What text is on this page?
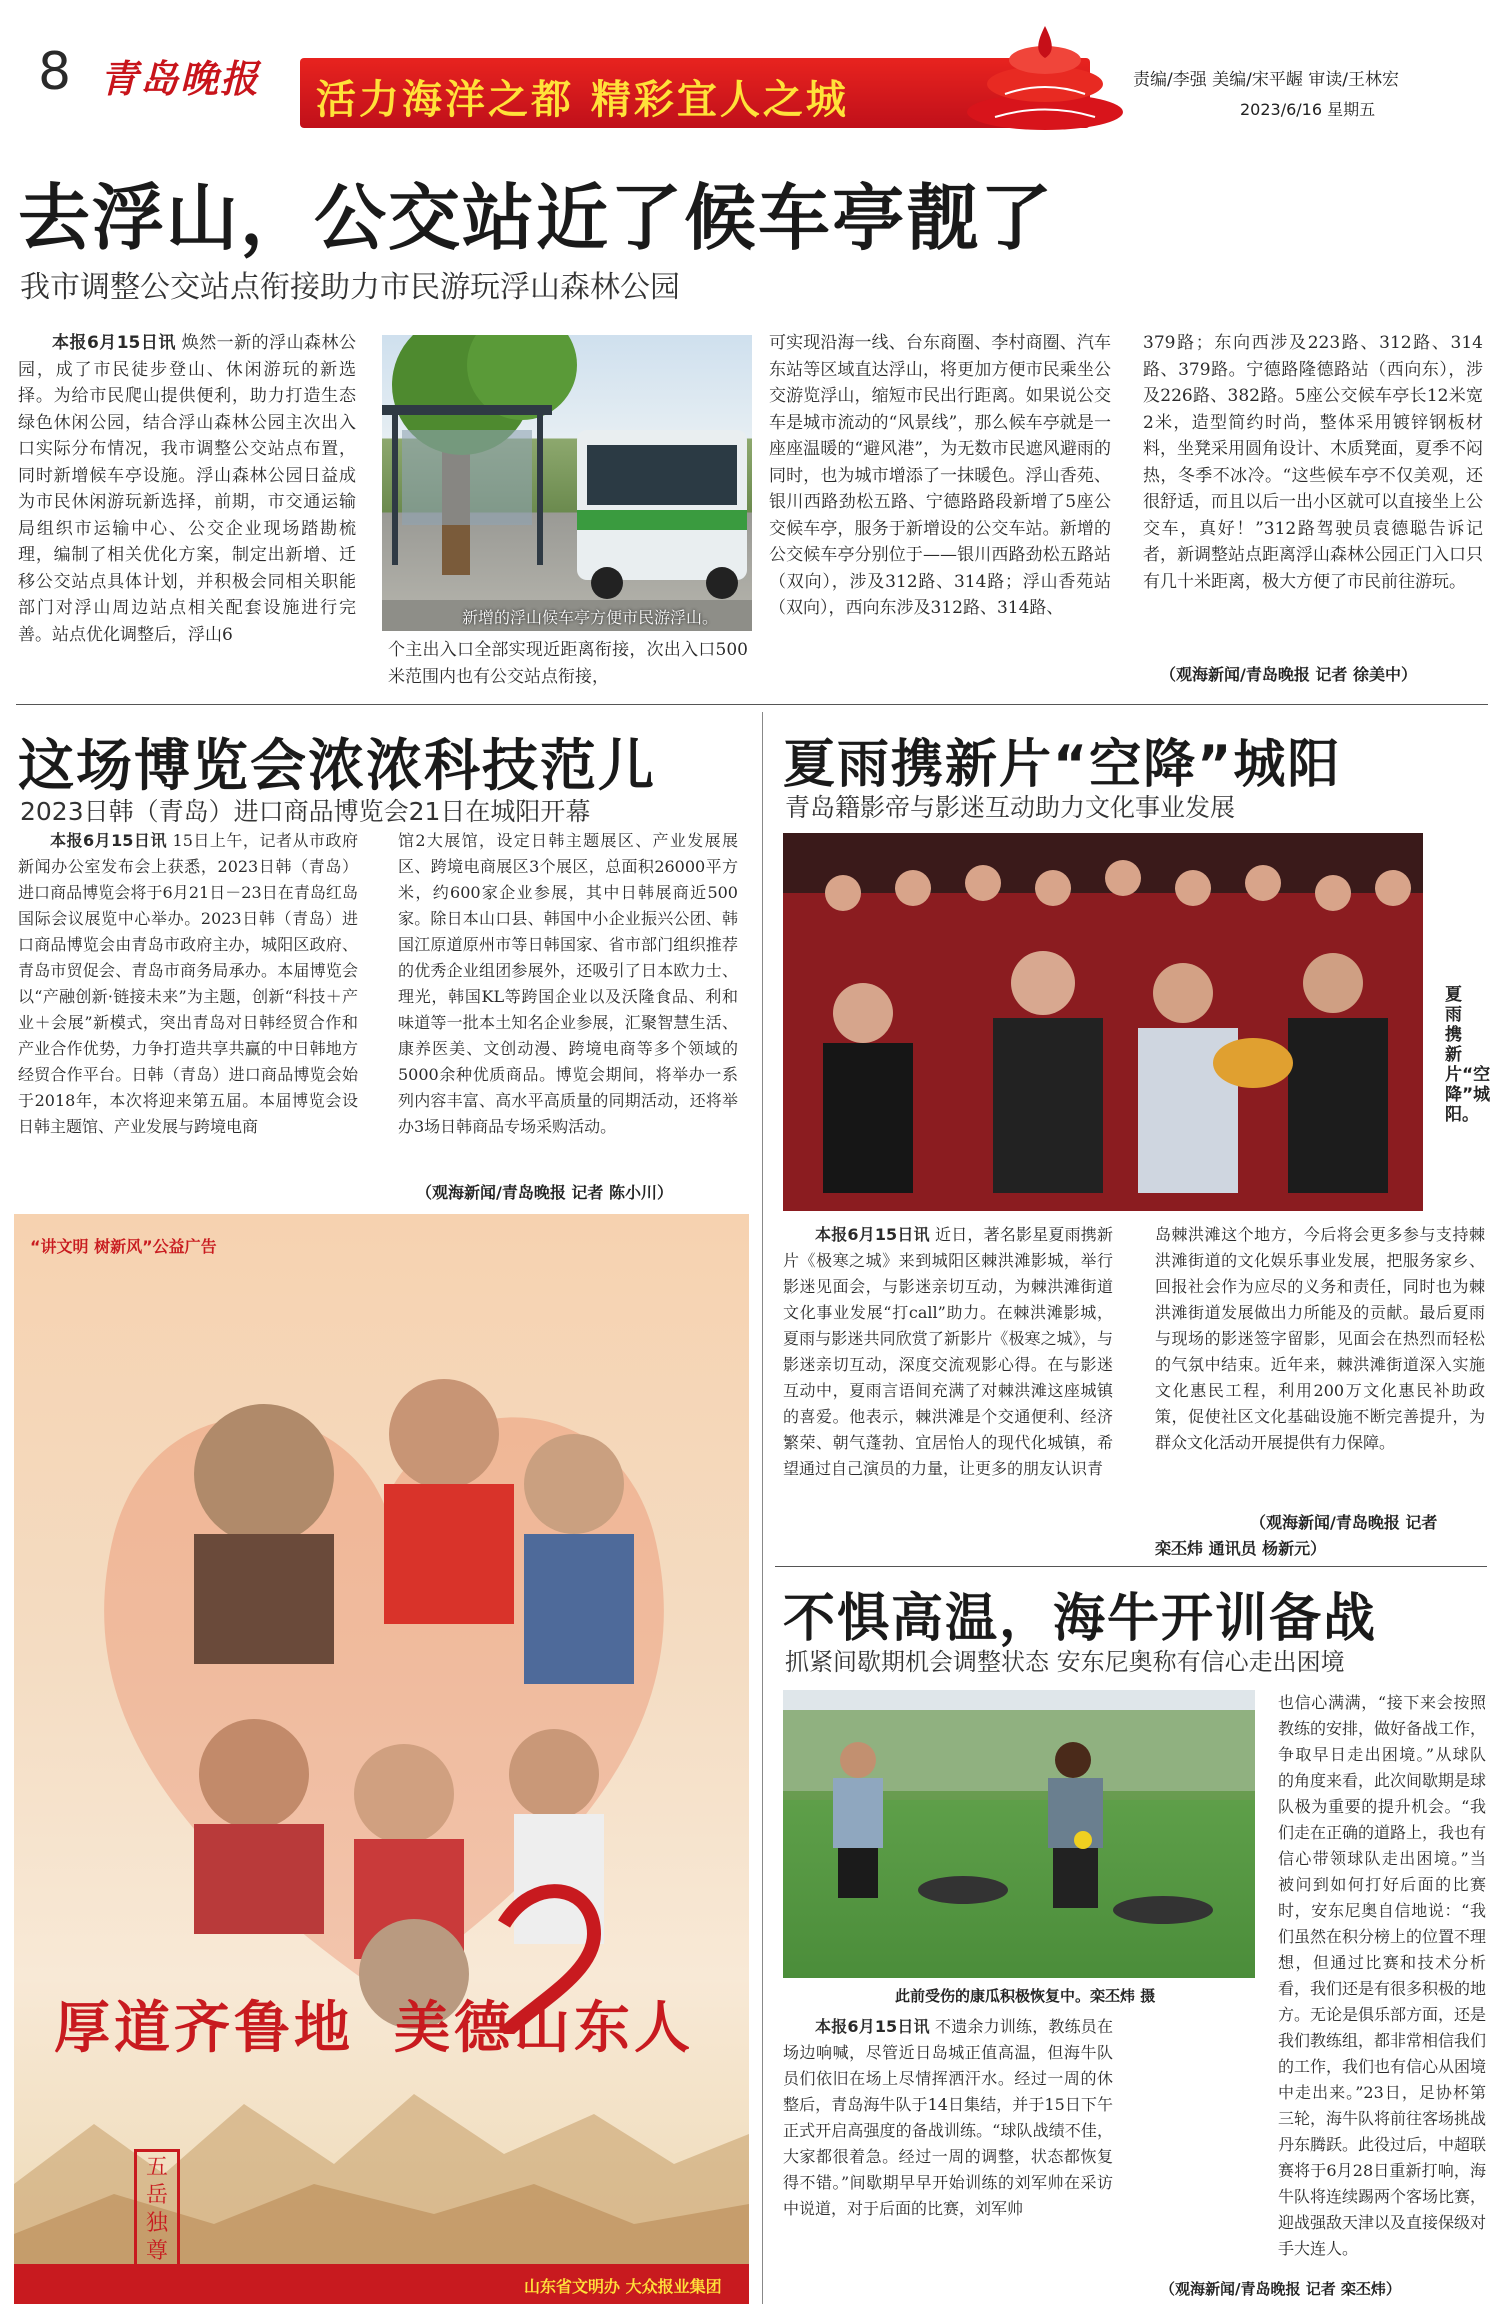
8 青岛晚报 活力海洋之都 精彩宜人之城	责编/李强 美编/宋平龌 审读/王林宏
2023/6/16 星期五
去浮山，公交站近了候车亭靓了
我市调整公交站点衔接助力市民游玩浮山森林公园

本报6月15日讯 焕然一新的浮山森林公园，成了市民徒步登山、休闲游玩的新选择。为给市民爬山提供便利，助力打造生态绿色休闲公园，结合浮山森林公园主次出入口实际分布情况，我市调整公交站点布置，同时新增候车亭设施。浮山森林公园日益成为市民休闲游玩新选择，前期，市交通运输局组织市运输中心、公交企业现场踏勘梳理，编制了相关优化方案，制定出新增、迁移公交站点具体计划，并积极会同相关职能部门对浮山周边站点相关配套设施进行完善。站点优化调整后，浮山6

新增的浮山候车亭方便市民游浮山。
个主出入口全部实现近距离衔接，次出入口500米范围内也有公交站点衔接，

可实现沿海一线、台东商圈、李村商圈、汽车东站等区域直达浮山，将更加方便市民乘坐公交游览浮山，缩短市民出行距离。如果说公交车是城市流动的“风景线”，那么候车亭就是一座座温暖的“避风港”，为无数市民遮风避雨的同时，也为城市增添了一抹暖色。浮山香苑、银川西路劲松五路、宁德路路段新增了5座公交候车亭，服务于新增设的公交车站。新增的公交候车亭分别位于——银川西路劲松五路站（双向），涉及312路、314路；浮山香苑站（双向），西向东涉及312路、314路、

379路；东向西涉及223路、312路、314路、379路。宁德路隆德路站（西向东），涉及226路、382路。5座公交候车亭长12米宽2米，造型简约时尚，整体采用镀锌钢板材料，坐凳采用圆角设计、木质凳面，夏季不闷热，冬季不冰冷。“这些候车亭不仅美观，还很舒适，而且以后一出小区就可以直接坐上公交车，真好！”312路驾驶员袁德聪告诉记者，新调整站点距离浮山森林公园正门入口只有几十米距离，极大方便了市民前往游玩。

（观海新闻/青岛晚报 记者 徐美中）
这场博览会浓浓科技范儿
2023日韩（青岛）进口商品博览会21日在城阳开幕

本报6月15日讯 15日上午，记者从市政府新闻办公室发布会上获悉，2023日韩（青岛）进口商品博览会将于6月21日－23日在青岛红岛国际会议展览中心举办。2023日韩（青岛）进口商品博览会由青岛市政府主办，城阳区政府、青岛市贸促会、青岛市商务局承办。本届博览会以“产融创新·链接未来”为主题，创新“科技＋产业＋会展”新模式，突出青岛对日韩经贸合作和产业合作优势，力争打造共享共赢的中日韩地方经贸合作平台。日韩（青岛）进口商品博览会始于2018年，本次将迎来第五届。本届博览会设日韩主题馆、产业发展与跨境电商

馆2大展馆，设定日韩主题展区、产业发展展区、跨境电商展区3个展区，总面积26000平方米，约600家企业参展，其中日韩展商近500家。除日本山口县、韩国中小企业振兴公团、韩国江原道原州市等日韩国家、省市部门组织推荐的优秀企业组团参展外，还吸引了日本欧力士、理光，韩国KL等跨国企业以及沃隆食品、利和味道等一批本土知名企业参展，汇聚智慧生活、康养医美、文创动漫、跨境电商等多个领域的5000余种优质商品。博览会期间，将举办一系列内容丰富、高水平高质量的同期活动，还将举办3场日韩商品专场采购活动。

（观海新闻/青岛晚报 记者 陈小川）
“讲文明 树新风”公益广告
厚道齐鲁地 美德山东人
五岳独尊
山东省文明办 大众报业集团
夏雨携新片“空降”城阳
青岛籍影帝与影迷互动助力文化事业发展
夏雨携新片“空降”城阳。

本报6月15日讯 近日，著名影星夏雨携新片《极寒之城》来到城阳区棘洪滩影城，举行影迷见面会，与影迷亲切互动，为棘洪滩街道文化事业发展“打call”助力。在棘洪滩影城，夏雨与影迷共同欣赏了新影片《极寒之城》，与影迷亲切互动，深度交流观影心得。在与影迷互动中，夏雨言语间充满了对棘洪滩这座城镇的喜爱。他表示，棘洪滩是个交通便利、经济繁荣、朝气蓬勃、宜居怡人的现代化城镇，希望通过自己演员的力量，让更多的朋友认识青

岛棘洪滩这个地方，今后将会更多参与支持棘洪滩街道的文化娱乐事业发展，把服务家乡、回报社会作为应尽的义务和责任，同时也为棘洪滩街道发展做出力所能及的贡献。最后夏雨与现场的影迷签字留影，见面会在热烈而轻松的气氛中结束。近年来，棘洪滩街道深入实施文化惠民工程，利用200万文化惠民补助政策，促使社区文化基础设施不断完善提升，为群众文化活动开展提供有力保障。

（观海新闻/青岛晚报 记者
栾丕炜 通讯员 杨新元）
不惧高温，海牛开训备战
抓紧间歇期机会调整状态 安东尼奥称有信心走出困境
此前受伤的康瓜积极恢复中。栾丕炜 摄

本报6月15日讯 不遗余力训练，教练员在场边响喊，尽管近日岛城正值高温，但海牛队员们依旧在场上尽情挥洒汗水。经过一周的休整后，青岛海牛队于14日集结，并于15日下午正式开启高强度的备战训练。“球队战绩不佳，大家都很着急。经过一周的调整，状态都恢复得不错。”间歇期早早开始训练的刘军帅在采访中说道，对于后面的比赛，刘军帅

也信心满满，“接下来会按照教练的安排，做好备战工作，争取早日走出困境。”从球队的角度来看，此次间歇期是球队极为重要的提升机会。“我们走在正确的道路上，我也有信心带领球队走出困境。”当被问到如何打好后面的比赛时，安东尼奥自信地说：“我们虽然在积分榜上的位置不理想，但通过比赛和技术分析看，我们还是有很多积极的地方。无论是俱乐部方面，还是我们教练组，都非常相信我们的工作，我们也有信心从困境中走出来。”23日，足协杯第三轮，海牛队将前往客场挑战丹东腾跃。此役过后，中超联赛将于6月28日重新打响，海牛队将连续踢两个客场比赛，迎战强敌天津以及直接保级对手大连人。

（观海新闻/青岛晚报 记者 栾丕炜）
